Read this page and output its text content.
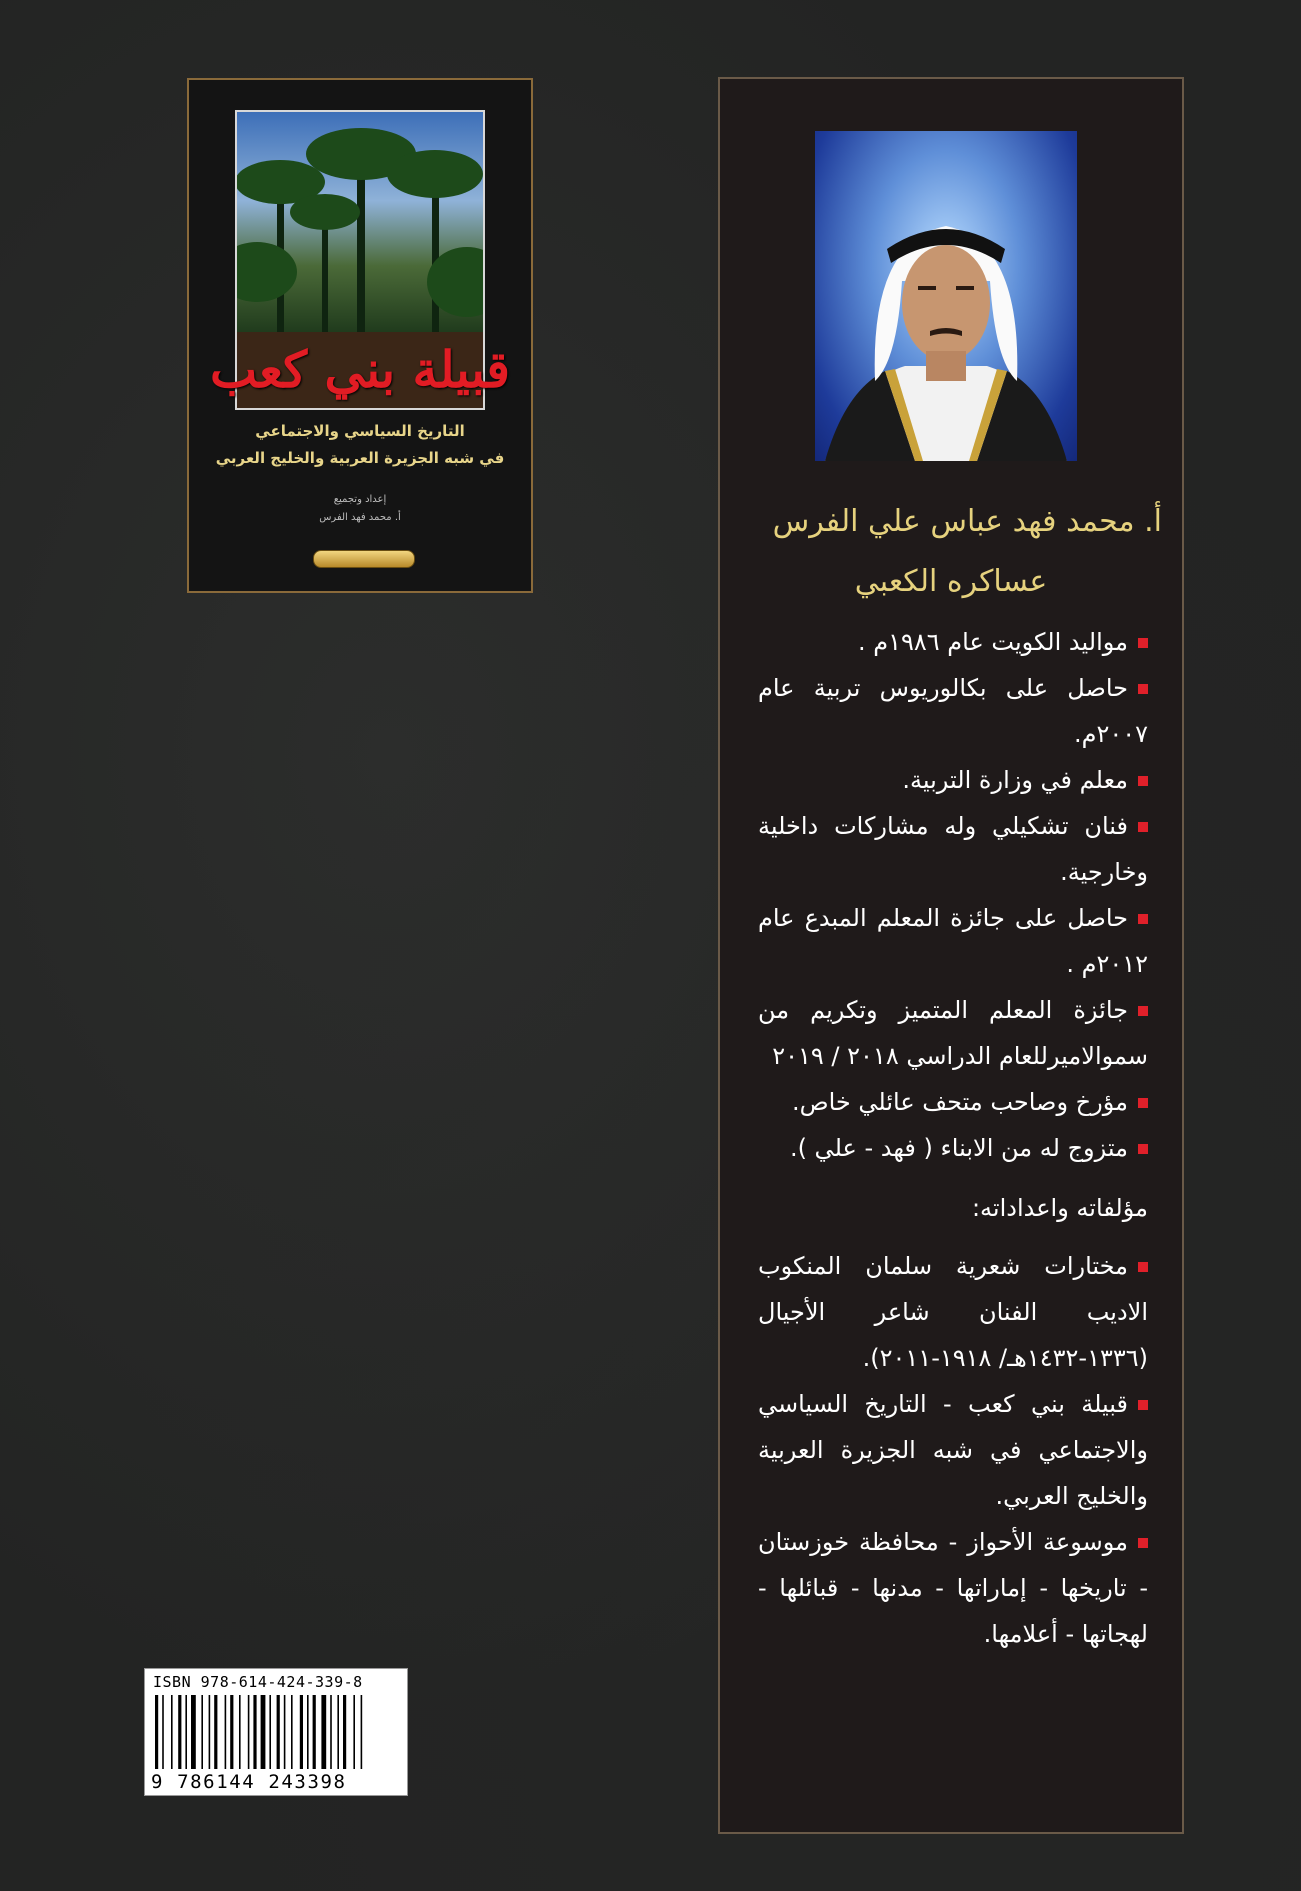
قبيلة بني كعب
التاريخ السياسي والاجتماعي
في شبه الجزيرة العربية والخليج العربي
إعداد وتجميع
أ. محمد فهد الفرس	أ. محمد فهد عباس علي الفرس
عساكره الكعبي

مواليد الكويت عام ١٩٨٦م .

حاصل على بكالوريوس تربية عام ٢٠٠٧م.

معلم في وزارة التربية.

فنان تشكيلي وله مشاركات داخلية وخارجية.

حاصل على جائزة المعلم المبدع عام ٢٠١٢م .

جائزة المعلم المتميز وتكريم من سموالاميرللعام الدراسي ٢٠١٨ / ٢٠١٩

مؤرخ وصاحب متحف عائلي خاص.

متزوج له من الابناء ( فهد - علي ).

مؤلفاته واعداداته:

مختارات شعرية سلمان المنكوب الاديب الفنان شاعر الأجيال (١٣٣٦-١٤٣٢هـ/ ١٩١٨-٢٠١١).

قبيلة بني كعب - التاريخ السياسي والاجتماعي في شبه الجزيرة العربية والخليج العربي.

موسوعة الأحواز - محافظة خوزستان - تاريخها - إماراتها - مدنها - قبائلها - لهجاتها - أعلامها.

ISBN 978-614-424-339-8
9 786144 243398
